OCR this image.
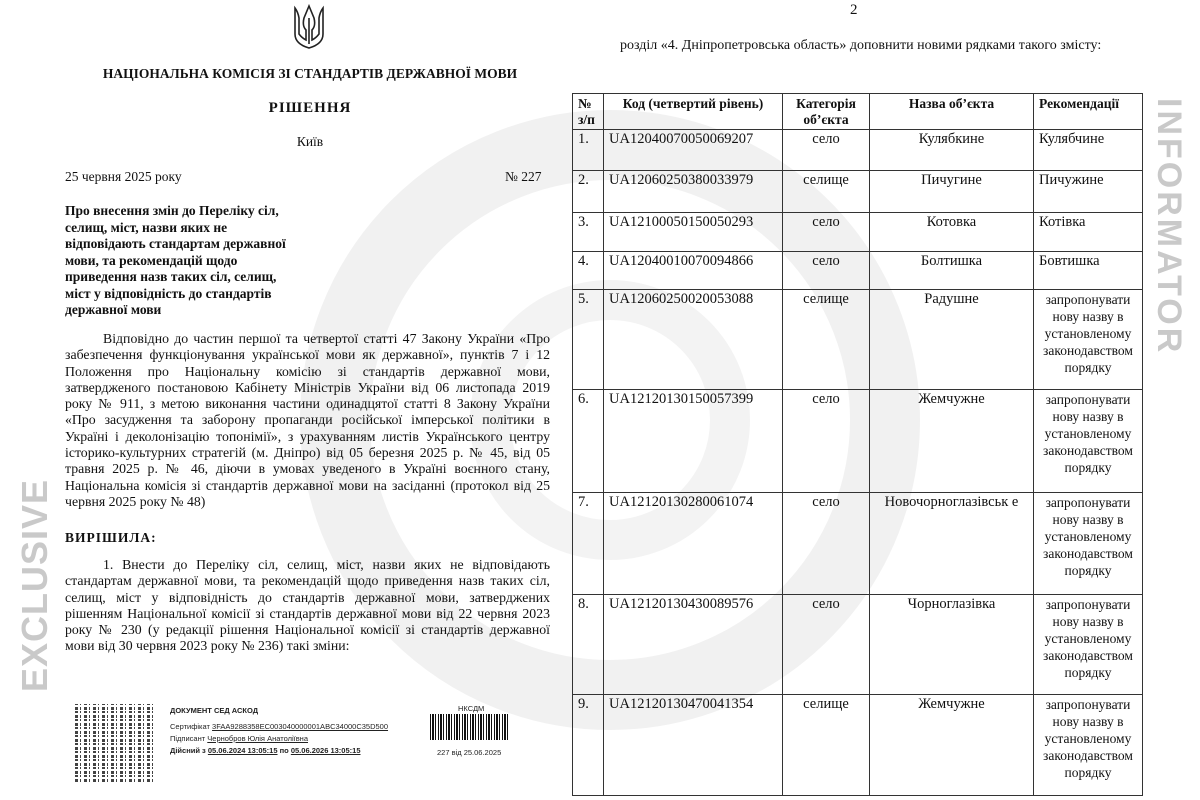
EXCLUSIVE
INFORMATOR
НАЦІОНАЛЬНА КОМІСІЯ ЗІ СТАНДАРТІВ ДЕРЖАВНОЇ МОВИ
РІШЕННЯ
Київ
25 червня 2025 року	№ 227
Про внесення змін до Переліку сіл, селищ, міст, назви яких не відповідають стандартам державної мови, та рекомендацій щодо приведення назв таких сіл, селищ, міст у відповідність до стандартів державної мови
Відповідно до частин першої та четвертої статті 47 Закону України «Про забезпечення функціонування української мови як державної», пунктів 7 і 12 Положення про Національну комісію зі стандартів державної мови, затвердженого постановою Кабінету Міністрів України від 06 листопада 2019 року № 911, з метою виконання частини одинадцятої статті 8 Закону України «Про засудження та заборону пропаганди російської імперської політики в Україні і деколонізацію топонімії», з урахуванням листів Українського центру історико-культурних стратегій (м. Дніпро) від 05 березня 2025 р. № 45, від 05 травня 2025 р. № 46, діючи в умовах уведеного в Україні воєнного стану, Національна комісія зі стандартів державної мови на засіданні (протокол від 25 червня 2025 року № 48)
ВИРІШИЛА:
1. Внести до Переліку сіл, селищ, міст, назви яких не відповідають стандартам державної мови, та рекомендацій щодо приведення назв таких сіл, селищ, міст у відповідність до стандартів державної мови, затверджених рішенням Національної комісії зі стандартів державної мови від 22 червня 2023 року № 230 (у редакції рішення Національної комісії зі стандартів державної мови від 30 червня 2023 року № 236) такі зміни:
ДОКУМЕНТ СЕД АСКОД
Сертифікат 3FAA9288358EC003040000001ABC34000C35D500
Підписант Чернобров Юлія Анатоліївна
Дійсний з 05.06.2024 13:05:15 по 05.06.2026 13:05:15
НКСДМ
227 від 25.06.2025
2
розділ «4. Дніпропетровська область» доповнити новими рядками такого змісту:
№ з/п	Код (четвертий рівень)	Категорія об’єкта	Назва об’єкта	Рекомендації
1.	UA12040070050069207	село	Кулябкине	Кулябчине
2.	UA12060250380033979	селище	Пичугине	Пичужине
3.	UA12100050150050293	село	Котовка	Котівка
4.	UA12040010070094866	село	Болтишка	Бовтишка
5.	UA12060250020053088	селище	Радушне	запропонувати нову назву в установленому законодавством порядку
6.	UA12120130150057399	село	Жемчужне	запропонувати нову назву в установленому законодавством порядку
7.	UA12120130280061074	село	Новочорноглазівськ е	запропонувати нову назву в установленому законодавством порядку
8.	UA12120130430089576	село	Чорноглазівка	запропонувати нову назву в установленому законодавством порядку
9.	UA12120130470041354	селище	Жемчужне	запропонувати нову назву в установленому законодавством порядку
